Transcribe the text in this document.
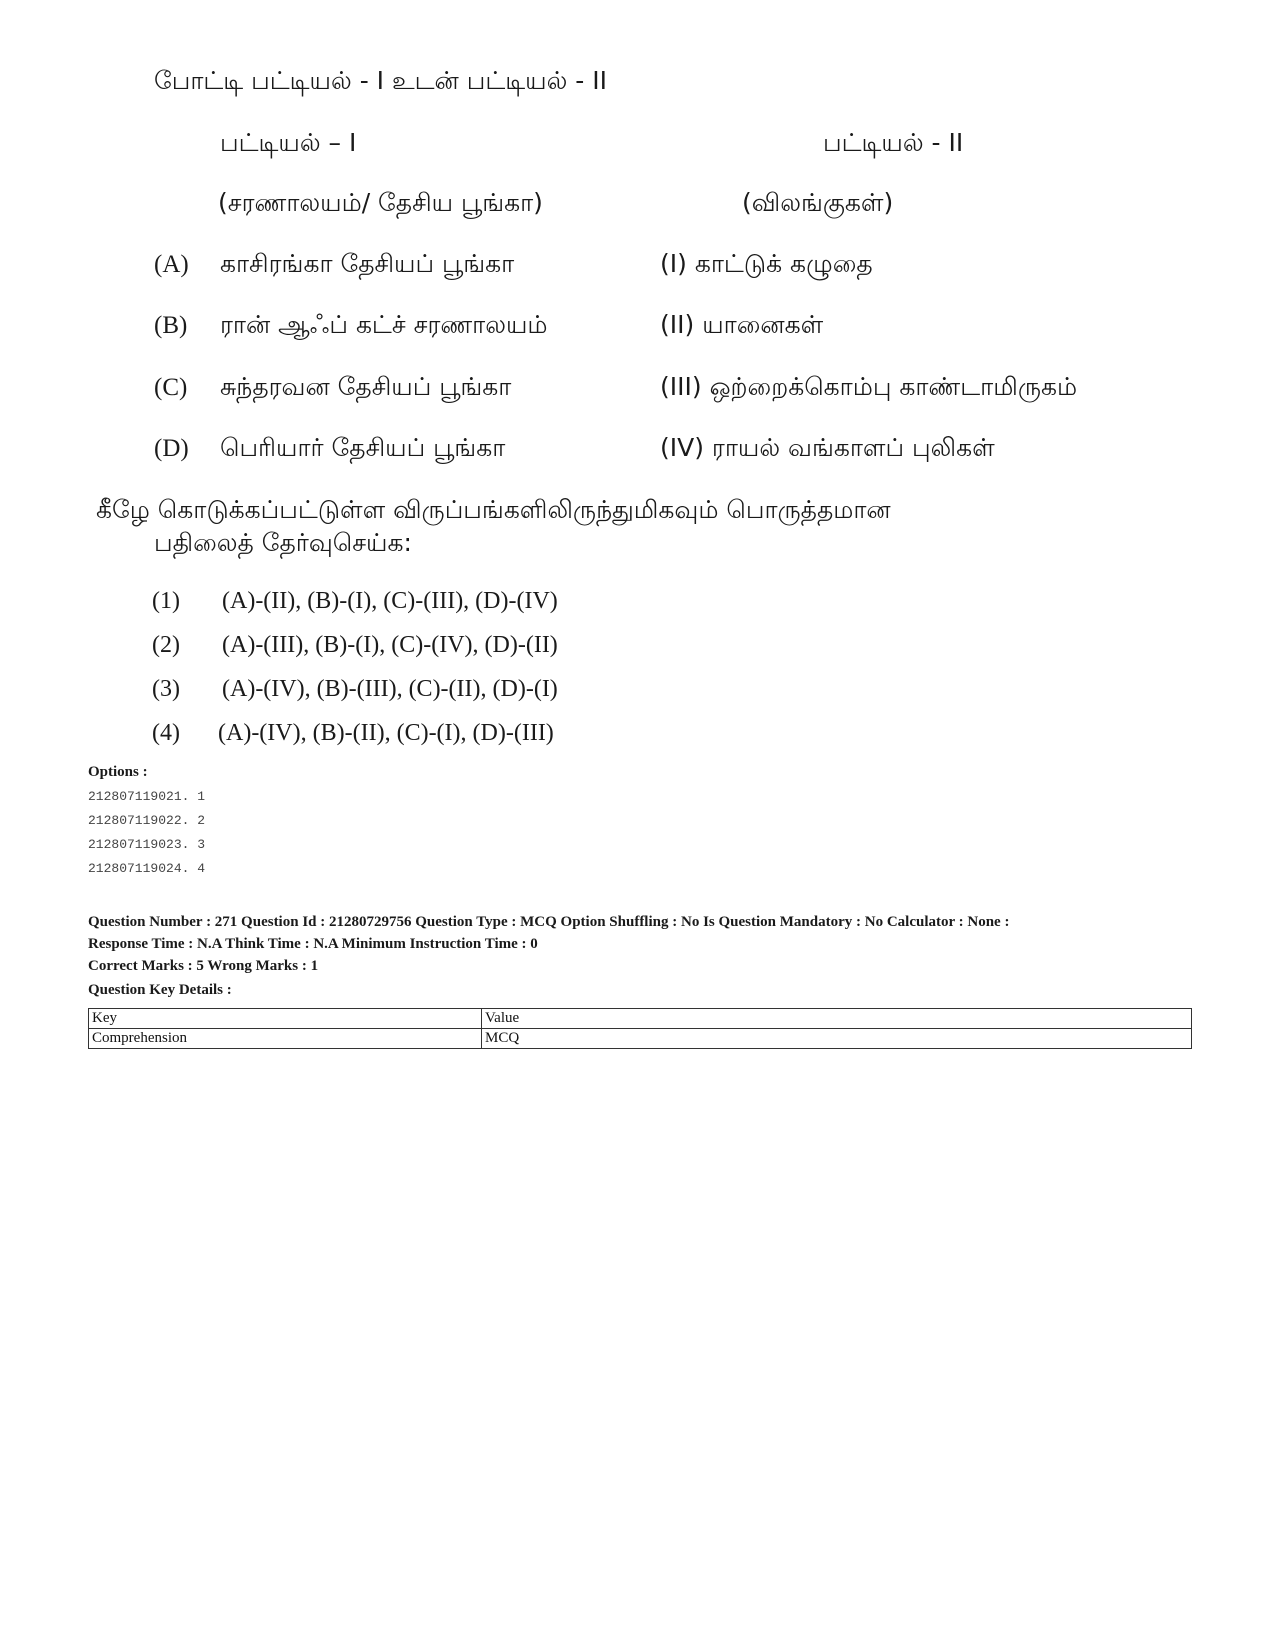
போட்டி பட்டியல் - I உடன் பட்டியல் - II
பட்டியல் – I	பட்டியல் - II
(சரணாலயம்/ தேசிய பூங்கா)	(விலங்குகள்)
(A) காசிரங்கா தேசியப் பூங்கா	(I) காட்டுக் கழுதை
(B) ரான் ஆஃப் கட்ச் சரணாலயம்	(II) யானைகள்
(C) சுந்தரவன தேசியப் பூங்கா	(III) ஒற்றைக்கொம்பு காண்டாமிருகம்
(D) பெரியார் தேசியப் பூங்கா	(IV) ராயல் வங்காளப் புலிகள்
கீழே கொடுக்கப்பட்டுள்ள விருப்பங்களிலிருந்துமிகவும் பொருத்தமான
பதிலைத் தேர்வுசெய்க:
(1) (A)-(II), (B)-(I), (C)-(III), (D)-(IV)
(2) (A)-(III), (B)-(I), (C)-(IV), (D)-(II)
(3) (A)-(IV), (B)-(III), (C)-(II), (D)-(I)
(4) (A)-(IV), (B)-(II), (C)-(I), (D)-(III)
Options :
212807119021. 1
212807119022. 2
212807119023. 3
212807119024. 4
Question Number : 271 Question Id : 21280729756 Question Type : MCQ Option Shuffling : No Is Question Mandatory : No Calculator : None :
Response Time : N.A Think Time : N.A Minimum Instruction Time : 0
Correct Marks : 5 Wrong Marks : 1
Question Key Details :
Key	Value
Comprehension	MCQ
